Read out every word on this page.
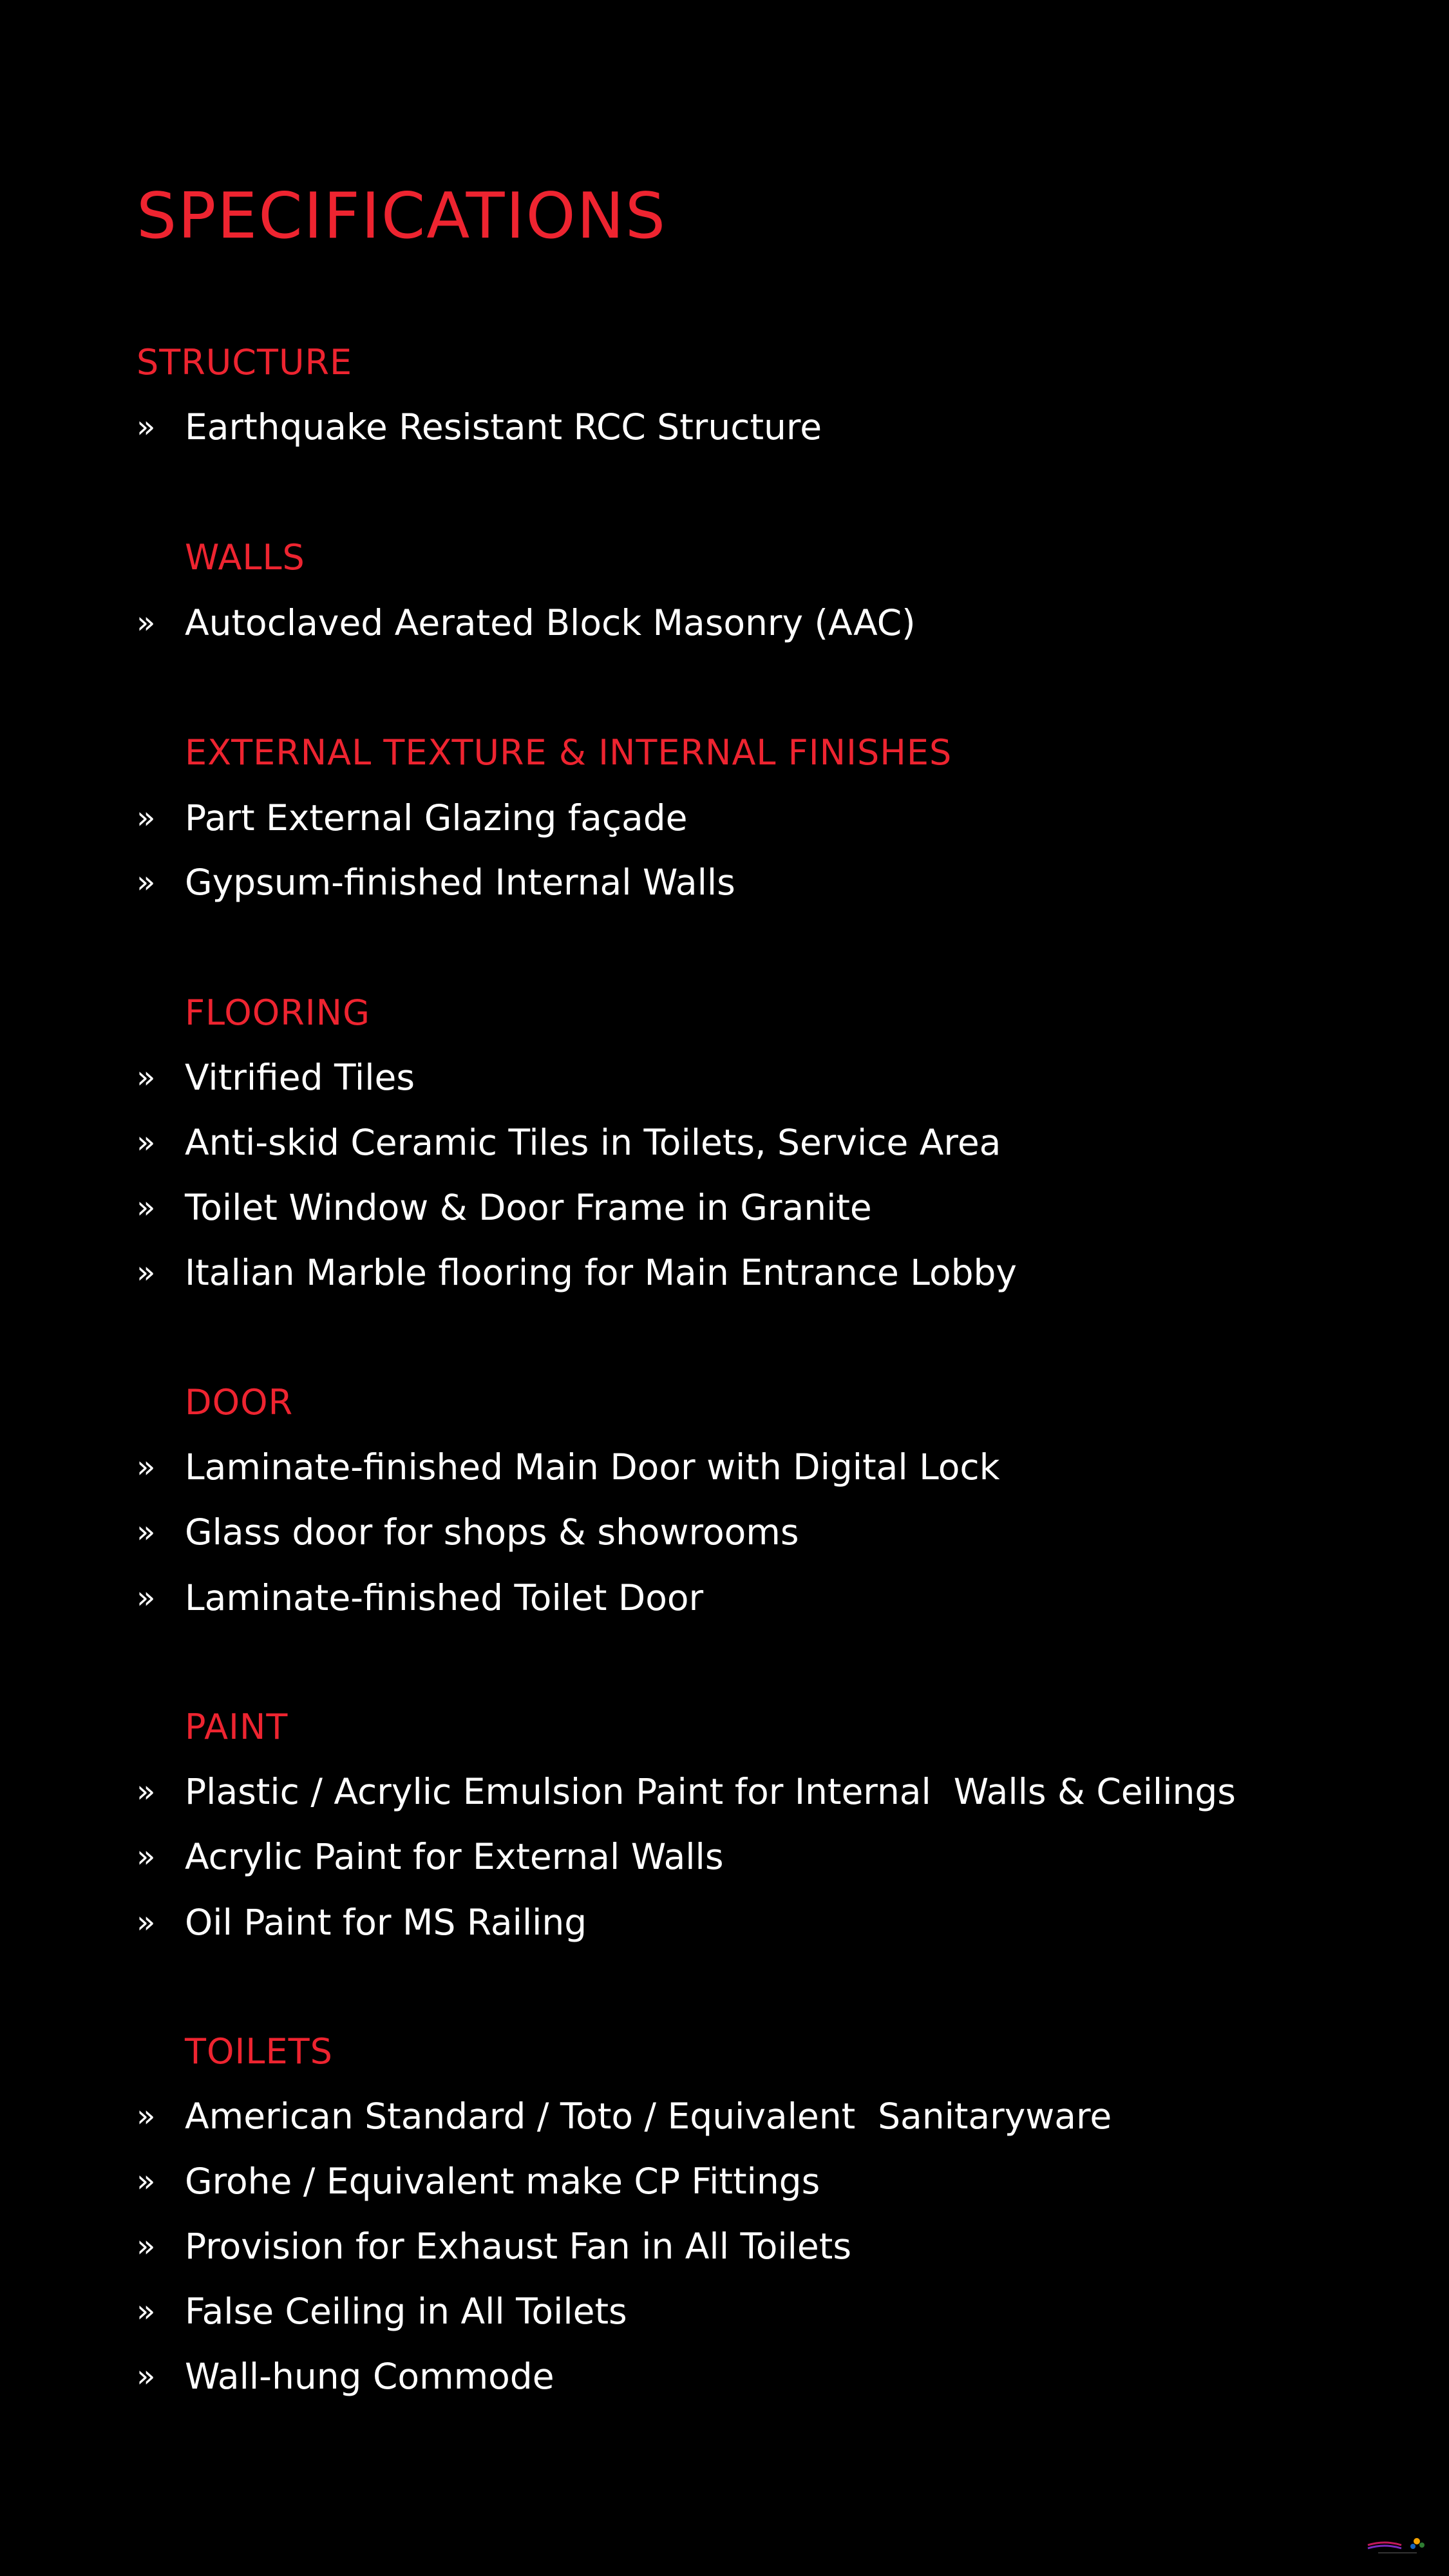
SPECIFICATIONS
STRUCTURE
» Earthquake Resistant RCC Structure
WALLS
» Autoclaved Aerated Block Masonry (AAC)
EXTERNAL TEXTURE & INTERNAL FINISHES
» Part External Glazing façade
» Gypsum-finished Internal Walls
FLOORING
» Vitrified Tiles
» Anti-skid Ceramic Tiles in Toilets, Service Area
» Toilet Window & Door Frame in Granite
» Italian Marble flooring for Main Entrance Lobby
DOOR
» Laminate-finished Main Door with Digital Lock
» Glass door for shops & showrooms
» Laminate-finished Toilet Door
PAINT
» Plastic / Acrylic Emulsion Paint for Internal  Walls & Ceilings
» Acrylic Paint for External Walls
» Oil Paint for MS Railing
TOILETS
» American Standard / Toto / Equivalent  Sanitaryware
» Grohe / Equivalent make CP Fittings
» Provision for Exhaust Fan in All Toilets
» False Ceiling in All Toilets
» Wall-hung Commode
